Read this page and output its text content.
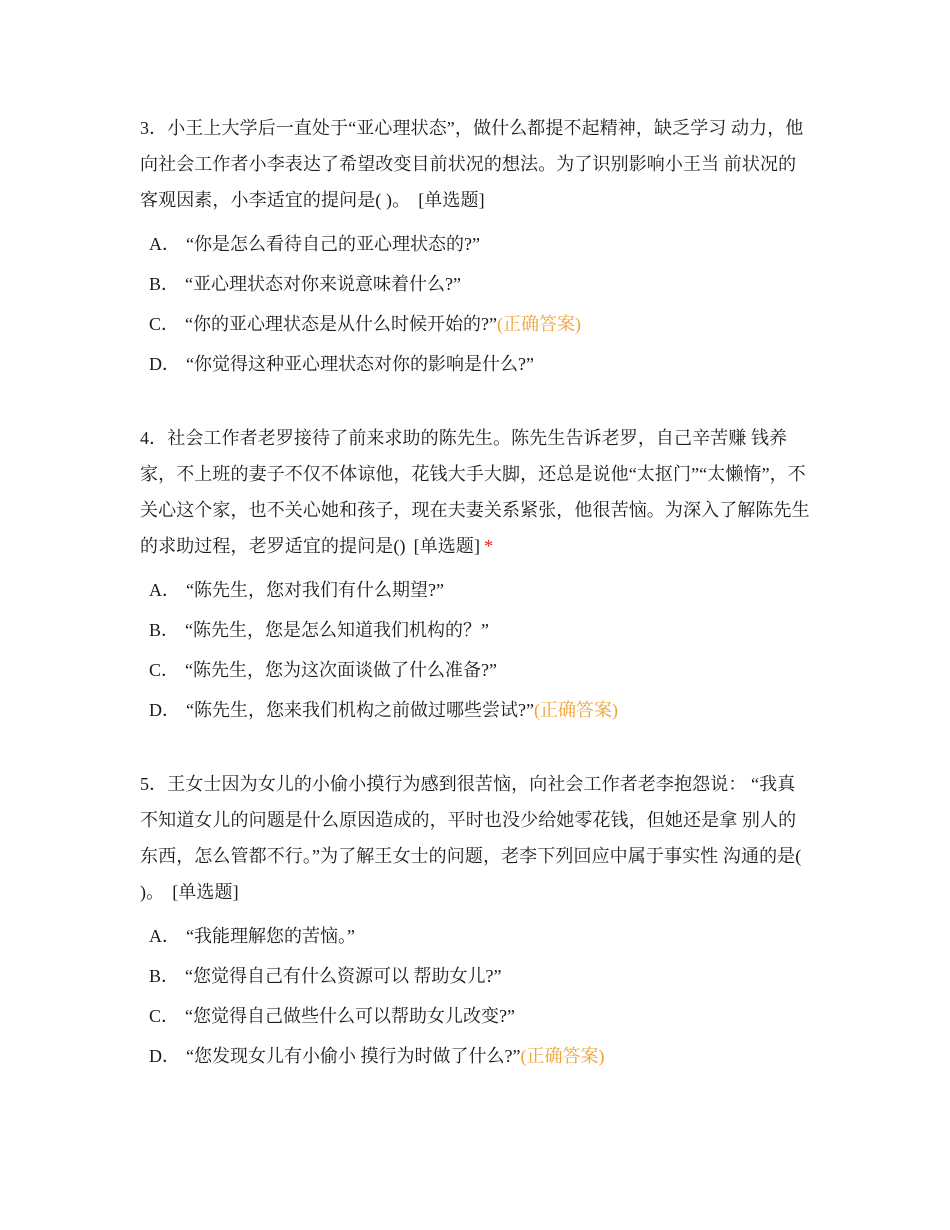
3．小王上大学后一直处于“亚心理状态”，做什么都提不起精神，缺乏学习 动力，他向社会工作者小李表达了希望改变目前状况的想法。为了识别影响小王当 前状况的客观因素，小李适宜的提问是( )。 [单选题]

A． “你是怎么看待自己的亚心理状态的?”
B． “亚心理状态对你来说意味着什么?”
C． “你的亚心理状态是从什么时候开始的?”(正确答案)
D． “你觉得这种亚心理状态对你的影响是什么?”

4．社会工作者老罗接待了前来求助的陈先生。陈先生告诉老罗，自己辛苦赚 钱养家，不上班的妻子不仅不体谅他，花钱大手大脚，还总是说他“太抠门”“太懒惰”，不关心这个家，也不关心她和孩子，现在夫妻关系紧张，他很苦恼。为深入了解陈先生的求助过程，老罗适宜的提问是() [单选题] *

A． “陈先生，您对我们有什么期望?”
B． “陈先生，您是怎么知道我们机构的？”
C． “陈先生，您为这次面谈做了什么准备?”
D． “陈先生，您来我们机构之前做过哪些尝试?”(正确答案)

5．王女士因为女儿的小偷小摸行为感到很苦恼，向社会工作者老李抱怨说： “我真不知道女儿的问题是什么原因造成的，平时也没少给她零花钱，但她还是拿 别人的东西，怎么管都不行。”为了解王女士的问题，老李下列回应中属于事实性 沟通的是( )。 [单选题]

A． “我能理解您的苦恼。”
B． “您觉得自己有什么资源可以 帮助女儿?”
C． “您觉得自己做些什么可以帮助女儿改变?”
D． “您发现女儿有小偷小 摸行为时做了什么?”(正确答案)
